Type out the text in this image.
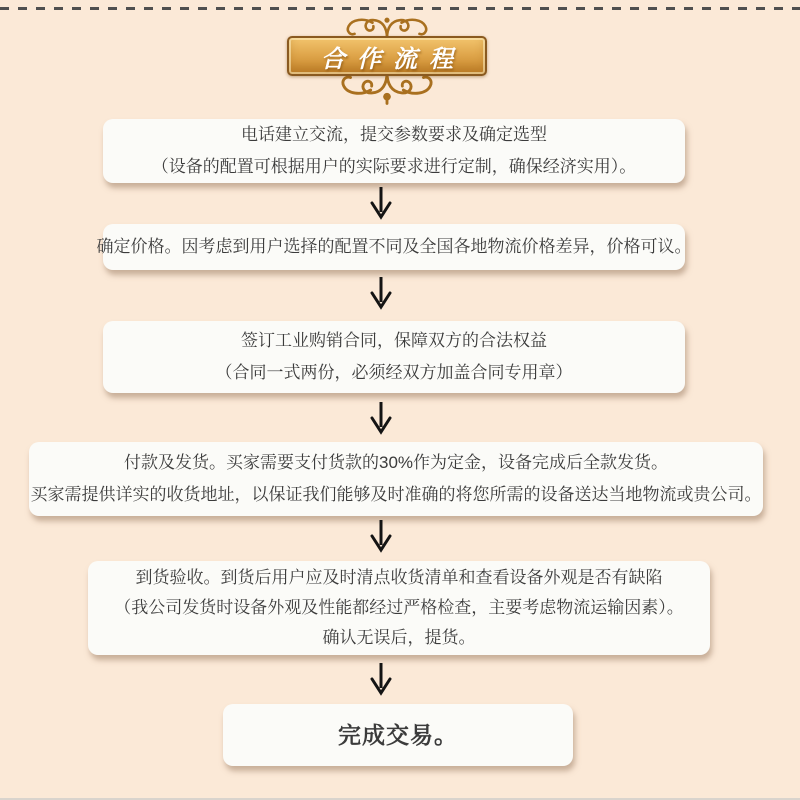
合作流程
电话建立交流，提交参数要求及确定选型
（设备的配置可根据用户的实际要求进行定制，确保经济实用）。
确定价格。因考虑到用户选择的配置不同及全国各地物流价格差异，价格可议。
签订工业购销合同，保障双方的合法权益
（合同一式两份，必须经双方加盖合同专用章）
付款及发货。买家需要支付货款的30%作为定金，设备完成后全款发货。
买家需提供详实的收货地址，以保证我们能够及时准确的将您所需的设备送达当地物流或贵公司。
到货验收。到货后用户应及时清点收货清单和查看设备外观是否有缺陷
（我公司发货时设备外观及性能都经过严格检查，主要考虑物流运输因素）。
确认无误后，提货。
完成交易。
